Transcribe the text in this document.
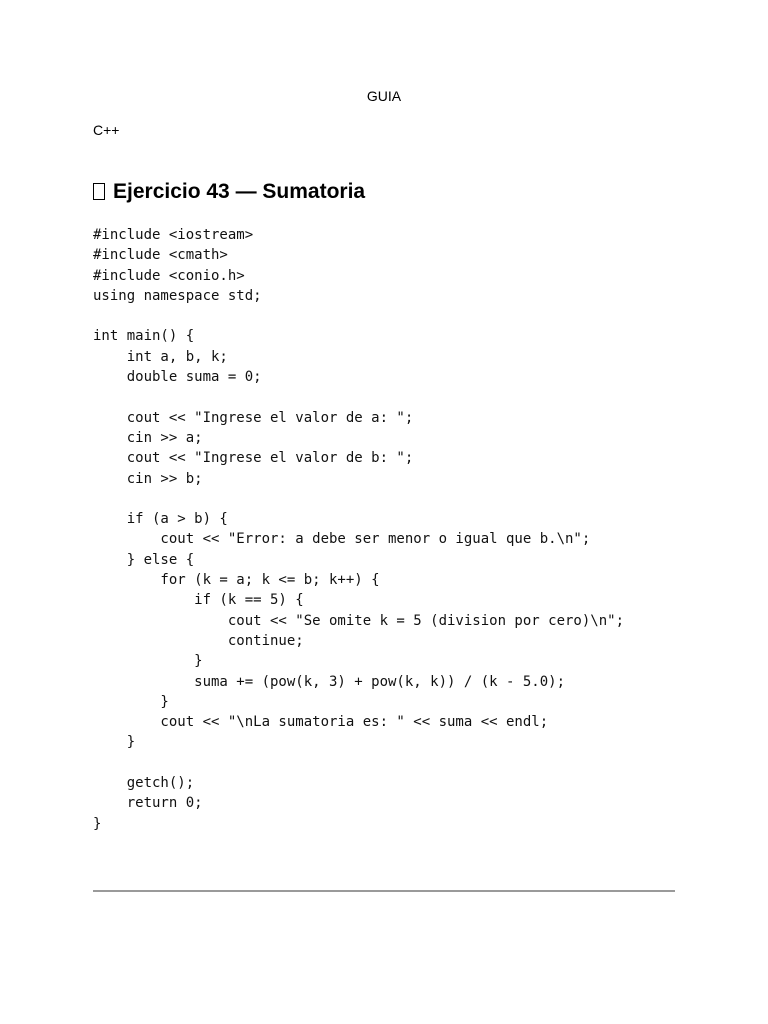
GUIA
C++
Ejercicio 43 — Sumatoria
#include <iostream>
#include <cmath>
#include <conio.h>
using namespace std;

int main() {
int a, b, k;
double suma = 0;

cout << "Ingrese el valor de a: ";
cin >> a;
cout << "Ingrese el valor de b: ";
cin >> b;

if (a > b) {
cout << "Error: a debe ser menor o igual que b.\n";
} else {
for (k = a; k <= b; k++) {
if (k == 5) {
cout << "Se omite k = 5 (division por cero)\n";
continue;
}
suma += (pow(k, 3) + pow(k, k)) / (k - 5.0);
}
cout << "\nLa sumatoria es: " << suma << endl;
}

getch();
return 0;
}
